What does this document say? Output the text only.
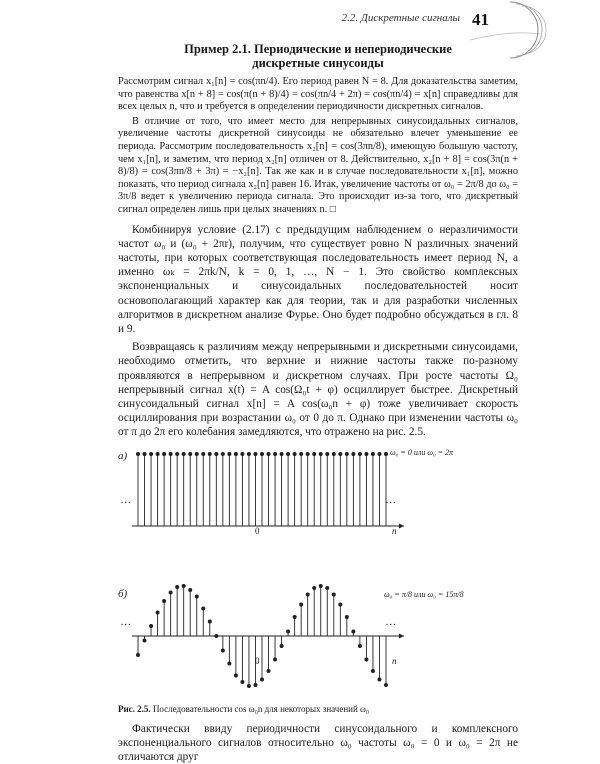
2.2. Дискретные сигналы 41
Пример 2.1. Периодические и непериодические
дискретные синусоиды

Рассмотрим сигнал x₁[n] = cos(πn/4). Его период равен N = 8. Для доказательства заметим, что равенства x[n + 8] = cos(π(n + 8)/4) = cos(πn/4 + 2π) = cos(πn/4) = x[n] справедливы для всех целых n, что и требуется в определении периодичности дискретных сигналов.

В отличие от того, что имеет место для непрерывных синусоидальных сигналов, увеличение частоты дискретной синусоиды не обязательно влечет уменьшение ее периода. Рассмотрим последовательность x₂[n] = cos(3πn/8), имеющую большую частоту, чем x₁[n], и заметим, что период x₂[n] отличен от 8. Действительно, x₂[n + 8] = cos(3π(n + 8)/8) = cos(3πn/8 + 3π) = −x₂[n]. Так же как и в случае последовательности x₁[n], можно показать, что период сигнала x₂[n] равен 16. Итак, увеличение частоты от ω₀ = 2π/8 до ω₀ = 3π/8 ведет к увеличению периода сигнала. Это происходит из-за того, что дискретный сигнал определен лишь при целых значениях n. □

Комбинируя условие (2.17) с предыдущим наблюдением о неразличимости частот ω₀ и (ω₀ + 2πr), получим, что существует ровно N различных значений частоты, при которых соответствующая последовательность имеет период N, а именно ωₖ = 2πk/N, k = 0, 1, …, N − 1. Это свойство комплексных экспоненциальных и синусоидальных последовательностей носит основополагающий характер как для теории, так и для разработки численных алгоритмов в дискретном анализе Фурье. Оно будет подробно обсуждаться в гл. 8 и 9.

Возвращаясь к различиям между непрерывными и дискретными синусоидами, необходимо отметить, что верхние и нижние частоты также по-разному проявляются в непрерывном и дискретном случаях. При росте частоты Ω₀ непрерывный сигнал x(t) = A cos(Ω₀t + φ) осциллирует быстрее. Дискретный синусоидальный сигнал x[n] = A cos(ω₀n + φ) тоже увеличивает скорость осциллирования при возрастании ω₀ от 0 до π. Однако при изменении частоты ω₀ от π до 2π его колебания замедляются, что отражено на рис. 2.5.

а)
б)
ω₀ = 0 или ω₀ = 2π
ω₀ = π/8 или ω₀ = 15π/8
…	…
…	…
0
0
n
n
Рис. 2.5. Последовательности cos ω₀n для некоторых значений ω₀

Фактически ввиду периодичности синусоидального и комплексного экспоненциального сигналов относительно ω₀ частоты ω₀ = 0 и ω₀ = 2π не отличаются друг
